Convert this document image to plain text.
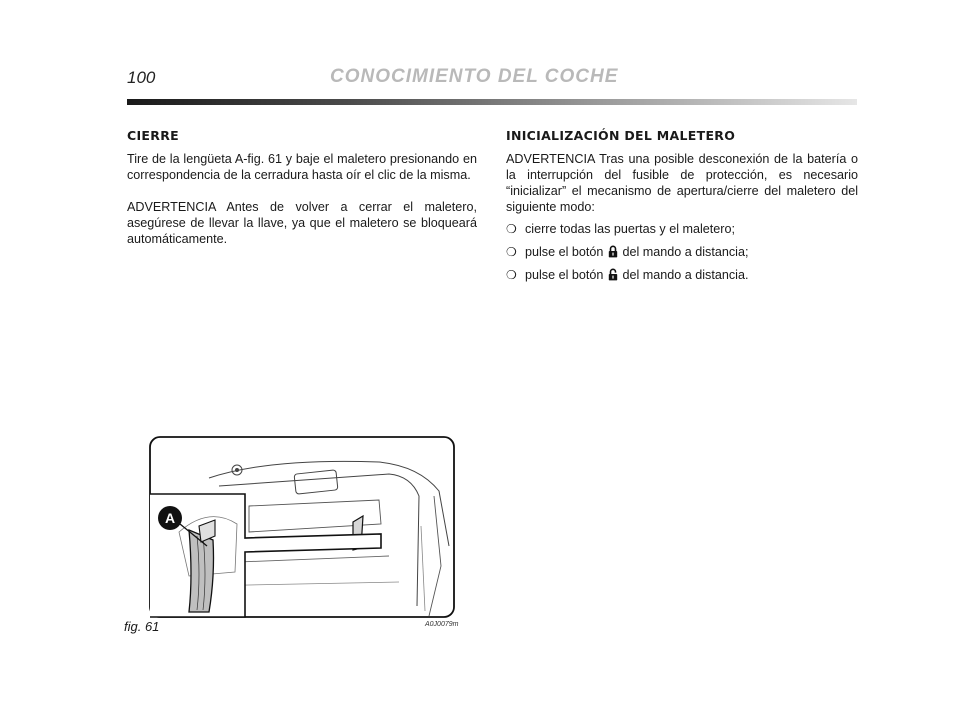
100	CONOCIMIENTO DEL COCHE
CIERRE

Tire de la lengüeta A-fig. 61 y baje el maletero presionando en correspondencia de la cerradura hasta oír el clic de la misma.

ADVERTENCIA Antes de volver a cerrar el maletero, asegúrese de llevar la llave, ya que el maletero se bloqueará automáticamente.

INICIALIZACIÓN DEL MALETERO

ADVERTENCIA Tras una posible desconexión de la batería o la interrupción del fusible de protección, es necesario “inicializar” el mecanismo de apertura/cierre del maletero del siguiente modo:

❍ cierre todas las puertas y el maletero;
❍ pulse el botón del mando a distancia;
❍ pulse el botón del mando a distancia.
A
fig. 61	A0J0079m
